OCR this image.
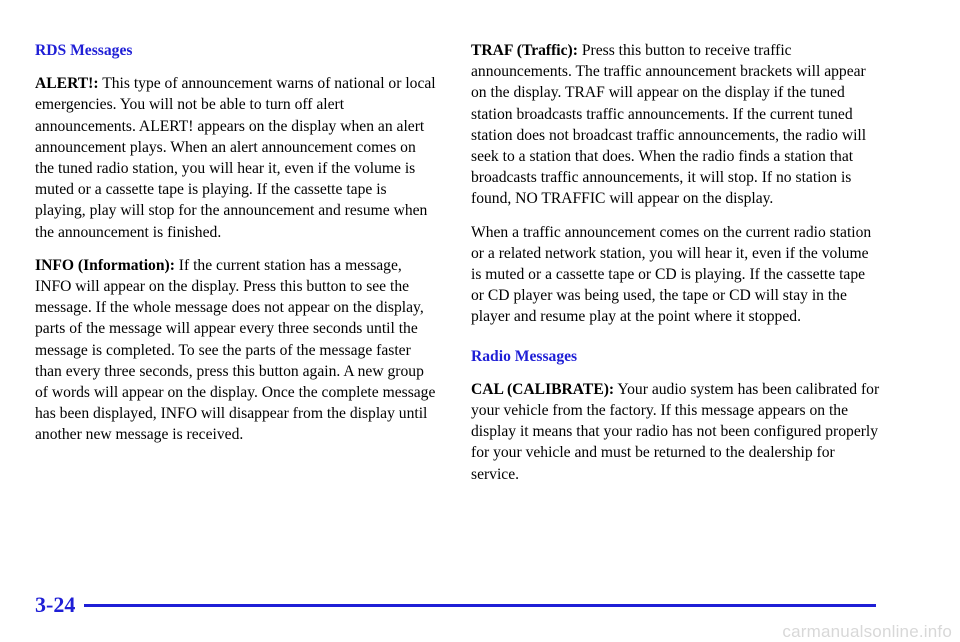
RDS Messages

ALERT!: This type of announcement warns of national or local emergencies. You will not be able to turn off alert announcements. ALERT! appears on the display when an alert announcement plays. When an alert announcement comes on the tuned radio station, you will hear it, even if the volume is muted or a cassette tape is playing. If the cassette tape is playing, play will stop for the announcement and resume when the announcement is finished.

INFO (Information): If the current station has a message, INFO will appear on the display. Press this button to see the message. If the whole message does not appear on the display, parts of the message will appear every three seconds until the message is completed. To see the parts of the message faster than every three seconds, press this button again. A new group of words will appear on the display. Once the complete message has been displayed, INFO will disappear from the display until another new message is received.

TRAF (Traffic): Press this button to receive traffic announcements. The traffic announcement brackets will appear on the display. TRAF will appear on the display if the tuned station broadcasts traffic announcements. If the current tuned station does not broadcast traffic announcements, the radio will seek to a station that does. When the radio finds a station that broadcasts traffic announcements, it will stop. If no station is found, NO TRAFFIC will appear on the display.

When a traffic announcement comes on the current radio station or a related network station, you will hear it, even if the volume is muted or a cassette tape or CD is playing. If the cassette tape or CD player was being used, the tape or CD will stay in the player and resume play at the point where it stopped.

Radio Messages

CAL (CALIBRATE): Your audio system has been calibrated for your vehicle from the factory. If this message appears on the display it means that your radio has not been configured properly for your vehicle and must be returned to the dealership for service.

3-24
carmanualsonline.info
